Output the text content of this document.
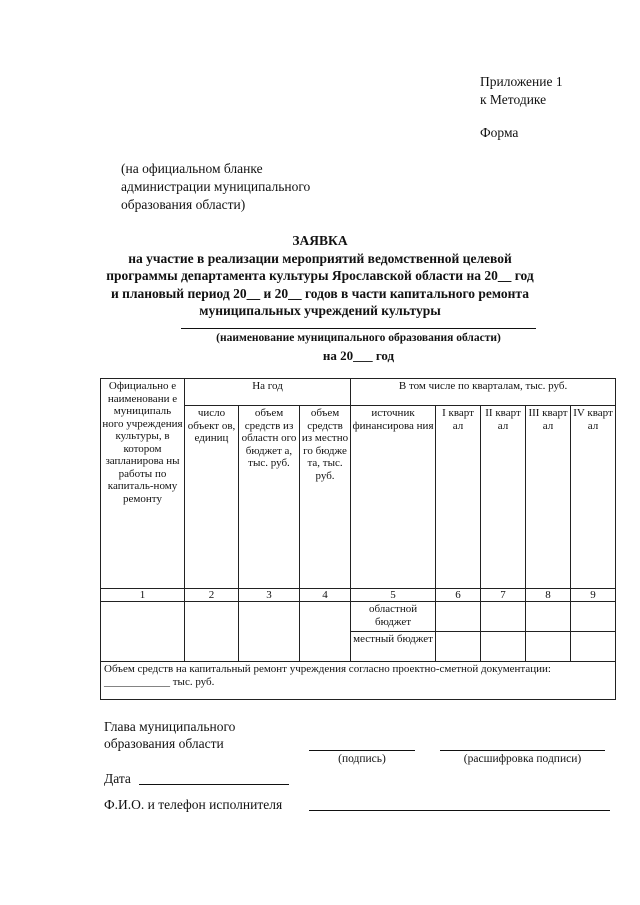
Приложение 1
к Методике
Форма
(на официальном бланке
администрации муниципального
образования области)
ЗАЯВКА
на участие в реализации мероприятий ведомственной целевой
программы департамента культуры Ярославской области на 20__ год
и плановый период 20__ и 20__ годов в части капитального ремонта
муниципальных учреждений культуры
(наименование муниципального образования области)
на 20___ год
Официально е наименовани е муниципаль ного учреждения культуры, в котором запланирова ны работы по капиталь-ному ремонту	На год			В том числе по кварталам, тыс. руб.				
	число объект ов, единиц	объем средств из областн ого бюджет а, тыс. руб.	объем средств из местно го бюдже та, тыс. руб.	источник финансирова ния	I кварт ал	II кварт ал	III кварт ал	IV кварт ал
1	2	3	4	5	6	7	8	9
				областной бюджет				
				местный бюджет				
Объем средств на капитальный ремонт учреждения согласно проектно-сметной документации: ____________ тыс. руб.								
Глава муниципального
образования области
(подпись)	(расшифровка подписи)
Дата
Ф.И.О. и телефон исполнителя
